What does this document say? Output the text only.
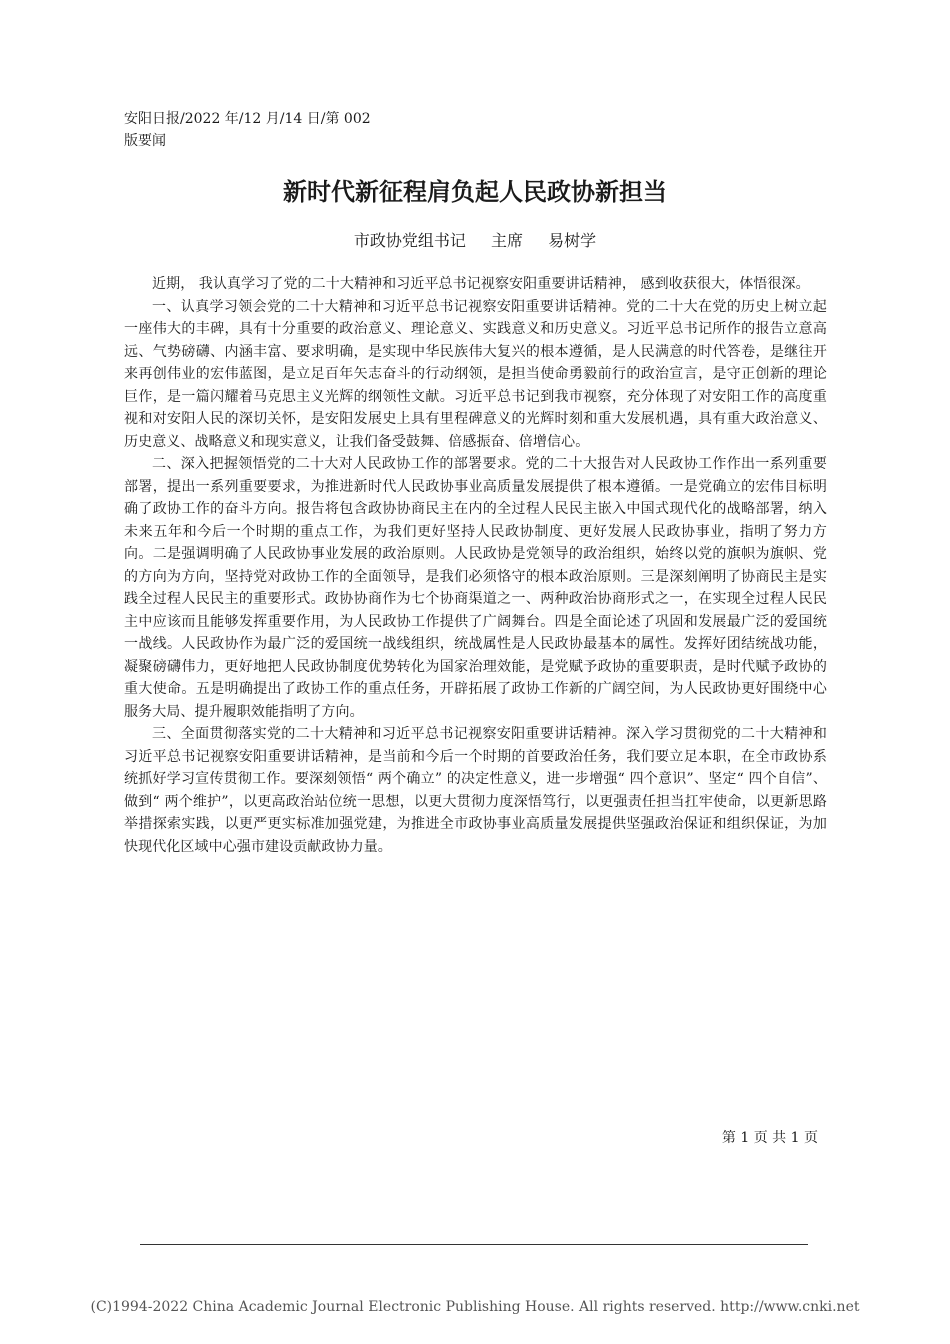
安阳日报/2022 年/12 月/14 日/第 002
版要闻
新时代新征程肩负起人民政协新担当
市政协党组书记 主席 易树学

近期， 我认真学习了党的二十大精神和习近平总书记视察安阳重要讲话精神， 感到收获很大，体悟很深。

一、认真学习领会党的二十大精神和习近平总书记视察安阳重要讲话精神。党的二十大在党的历史上树立起一座伟大的丰碑，具有十分重要的政治意义、理论意义、实践意义和历史意义。习近平总书记所作的报告立意高远、气势磅礴、内涵丰富、要求明确，是实现中华民族伟大复兴的根本遵循，是人民满意的时代答卷，是继往开来再创伟业的宏伟蓝图，是立足百年矢志奋斗的行动纲领，是担当使命勇毅前行的政治宣言，是守正创新的理论巨作，是一篇闪耀着马克思主义光辉的纲领性文献。习近平总书记到我市视察，充分体现了对安阳工作的高度重视和对安阳人民的深切关怀，是安阳发展史上具有里程碑意义的光辉时刻和重大发展机遇，具有重大政治意义、历史意义、战略意义和现实意义，让我们备受鼓舞、倍感振奋、倍增信心。

二、深入把握领悟党的二十大对人民政协工作的部署要求。党的二十大报告对人民政协工作作出一系列重要部署，提出一系列重要要求，为推进新时代人民政协事业高质量发展提供了根本遵循。一是党确立的宏伟目标明确了政协工作的奋斗方向。报告将包含政协协商民主在内的全过程人民民主嵌入中国式现代化的战略部署，纳入未来五年和今后一个时期的重点工作，为我们更好坚持人民政协制度、更好发展人民政协事业，指明了努力方向。二是强调明确了人民政协事业发展的政治原则。人民政协是党领导的政治组织，始终以党的旗帜为旗帜、党的方向为方向，坚持党对政协工作的全面领导，是我们必须恪守的根本政治原则。三是深刻阐明了协商民主是实践全过程人民民主的重要形式。政协协商作为七个协商渠道之一、两种政治协商形式之一，在实现全过程人民民主中应该而且能够发挥重要作用，为人民政协工作提供了广阔舞台。四是全面论述了巩固和发展最广泛的爱国统一战线。人民政协作为最广泛的爱国统一战线组织，统战属性是人民政协最基本的属性。发挥好团结统战功能，凝聚磅礴伟力，更好地把人民政协制度优势转化为国家治理效能，是党赋予政协的重要职责，是时代赋予政协的重大使命。五是明确提出了政协工作的重点任务，开辟拓展了政协工作新的广阔空间，为人民政协更好围绕中心服务大局、提升履职效能指明了方向。

三、全面贯彻落实党的二十大精神和习近平总书记视察安阳重要讲话精神。深入学习贯彻党的二十大精神和习近平总书记视察安阳重要讲话精神，是当前和今后一个时期的首要政治任务，我们要立足本职，在全市政协系统抓好学习宣传贯彻工作。要深刻领悟“ 两个确立” 的决定性意义，进一步增强“ 四个意识”、坚定“ 四个自信”、做到“ 两个维护”，以更高政治站位统一思想，以更大贯彻力度深悟笃行，以更强责任担当扛牢使命，以更新思路举措探索实践，以更严更实标准加强党建，为推进全市政协事业高质量发展提供坚强政治保证和组织保证，为加快现代化区域中心强市建设贡献政协力量。

第 1 页 共 1 页
(C)1994-2022 China Academic Journal Electronic Publishing House. All rights reserved. http://www.cnki.net
